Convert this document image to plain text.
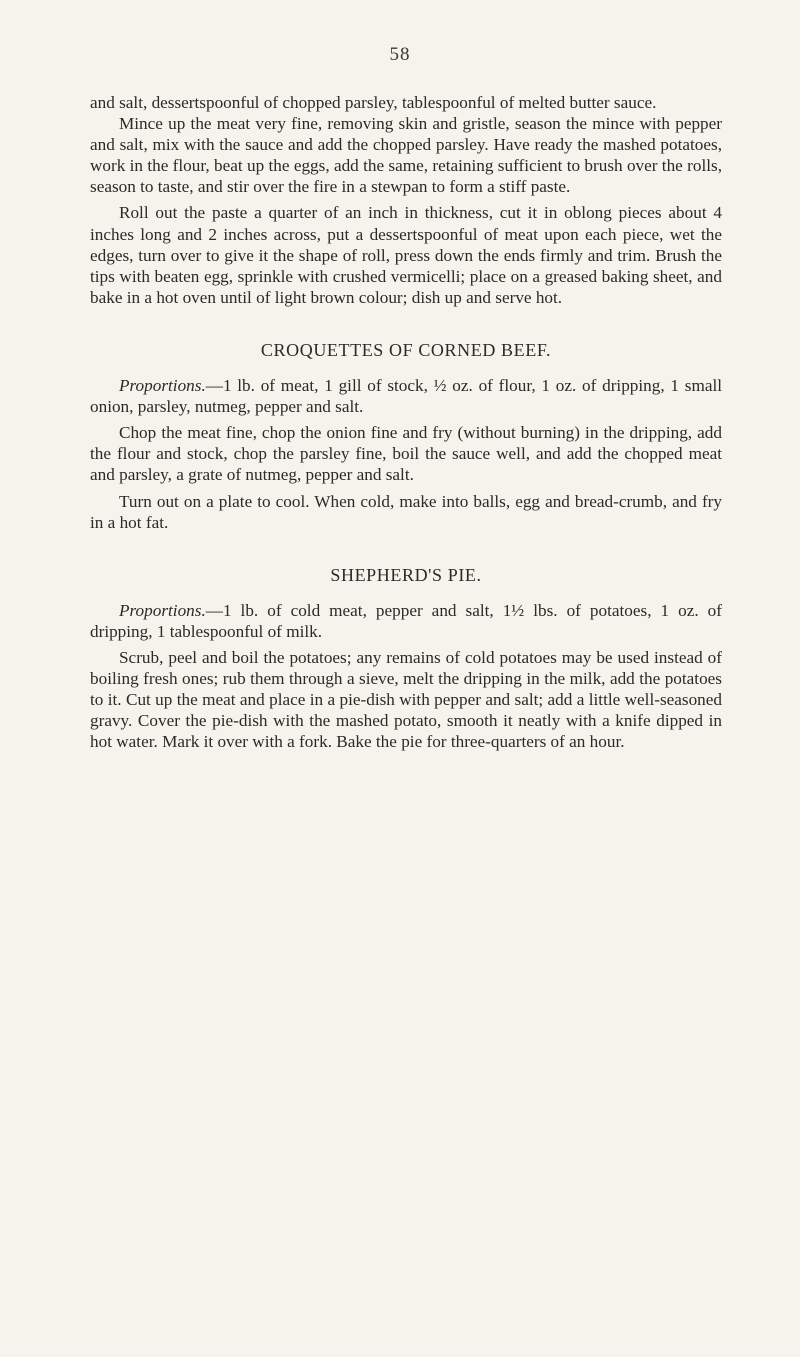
58

and salt, dessertspoonful of chopped parsley, tablespoonful of melted butter sauce.

Mince up the meat very fine, removing skin and gristle, season the mince with pepper and salt, mix with the sauce and add the chopped parsley. Have ready the mashed potatoes, work in the flour, beat up the eggs, add the same, retaining sufficient to brush over the rolls, season to taste, and stir over the fire in a stewpan to form a stiff paste.

Roll out the paste a quarter of an inch in thickness, cut it in oblong pieces about 4 inches long and 2 inches across, put a dessertspoonful of meat upon each piece, wet the edges, turn over to give it the shape of roll, press down the ends firmly and trim. Brush the tips with beaten egg, sprinkle with crushed vermicelli; place on a greased baking sheet, and bake in a hot oven until of light brown colour; dish up and serve hot.

CROQUETTES OF CORNED BEEF.

Proportions.—1 lb. of meat, 1 gill of stock, ½ oz. of flour, 1 oz. of dripping, 1 small onion, parsley, nutmeg, pepper and salt.

Chop the meat fine, chop the onion fine and fry (without burning) in the dripping, add the flour and stock, chop the parsley fine, boil the sauce well, and add the chopped meat and parsley, a grate of nutmeg, pepper and salt.

Turn out on a plate to cool. When cold, make into balls, egg and bread-crumb, and fry in a hot fat.

SHEPHERD'S PIE.

Proportions.—1 lb. of cold meat, pepper and salt, 1½ lbs. of potatoes, 1 oz. of dripping, 1 tablespoonful of milk.

Scrub, peel and boil the potatoes; any remains of cold potatoes may be used instead of boiling fresh ones; rub them through a sieve, melt the dripping in the milk, add the potatoes to it. Cut up the meat and place in a pie-dish with pepper and salt; add a little well-seasoned gravy. Cover the pie-dish with the mashed potato, smooth it neatly with a knife dipped in hot water. Mark it over with a fork. Bake the pie for three-quarters of an hour.
